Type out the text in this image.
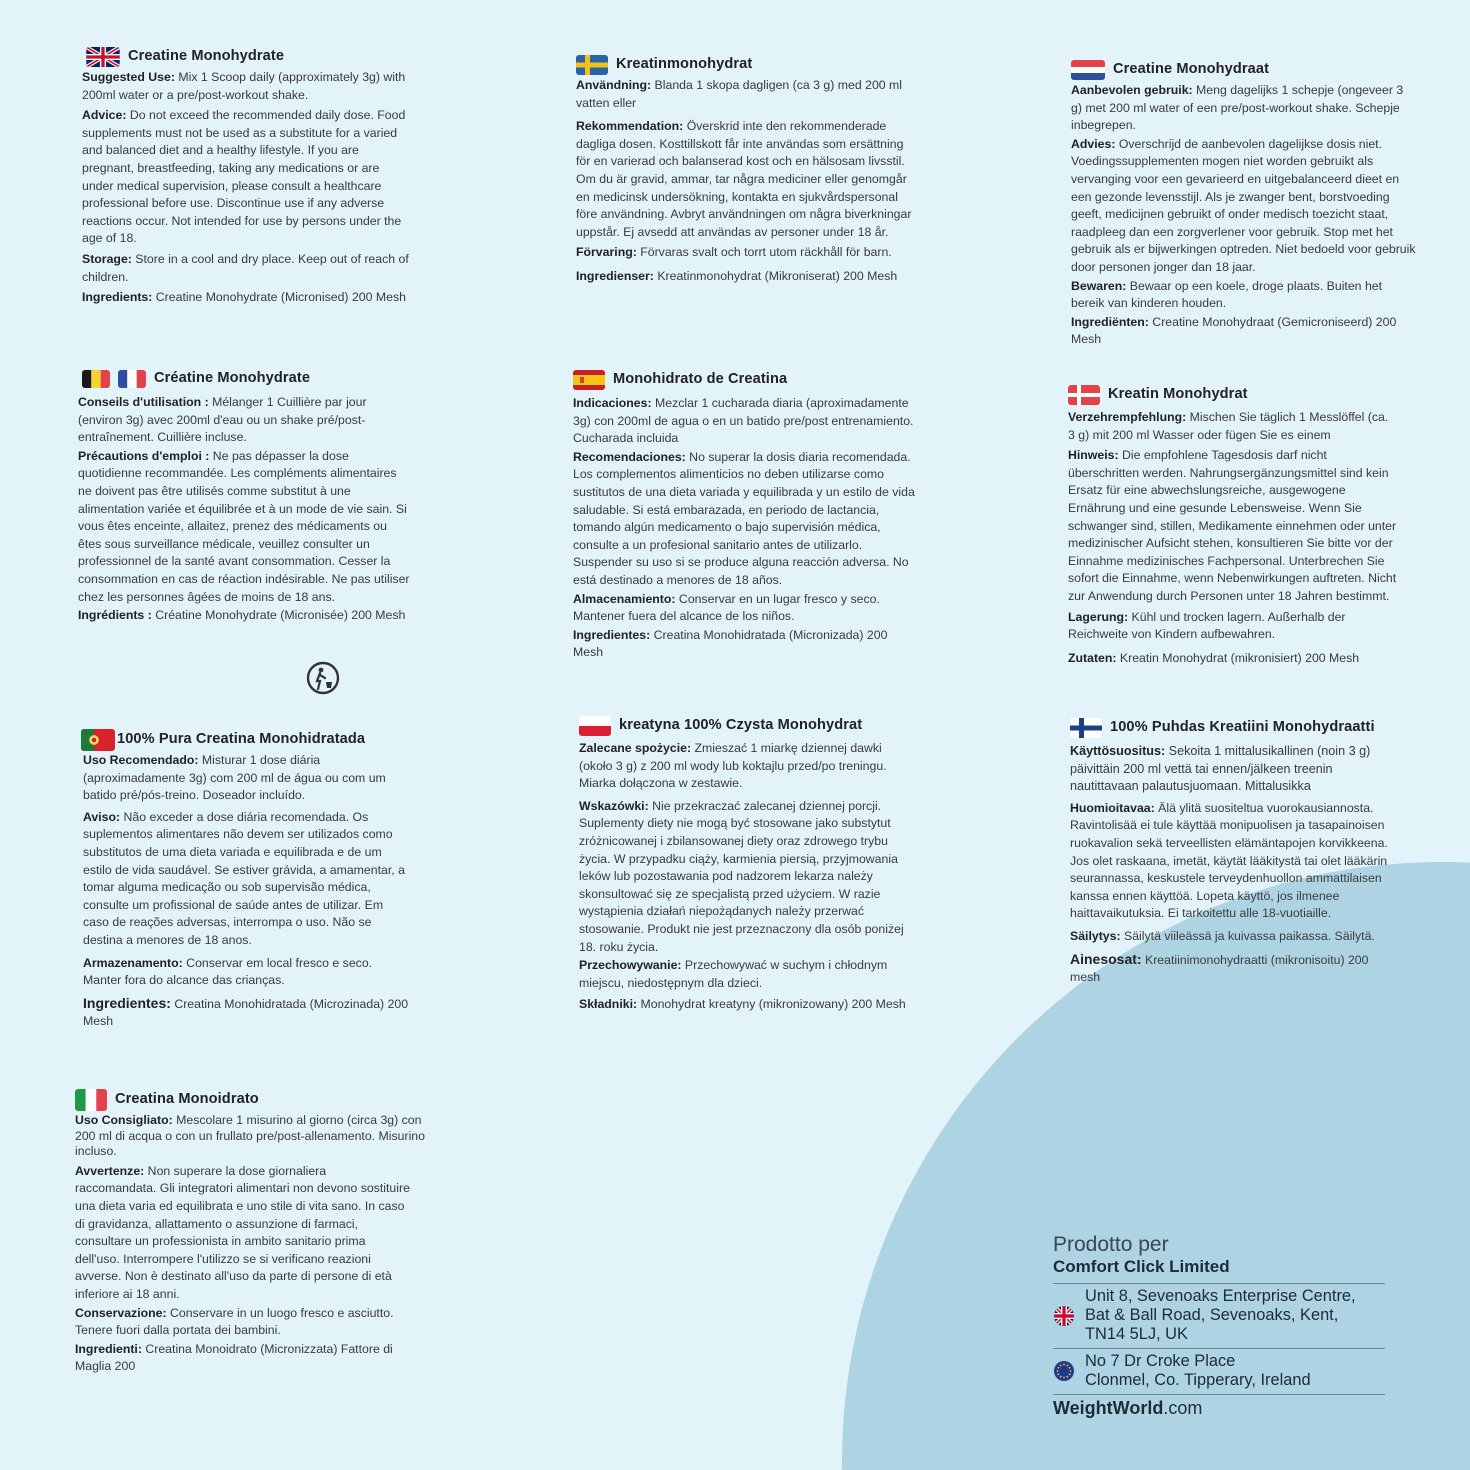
Creatine Monohydrate

Suggested Use: Mix 1 Scoop daily (approximately 3g) with 200ml water or a pre/post-workout shake.

Advice: Do not exceed the recommended daily dose. Food supplements must not be used as a substitute for a varied and balanced diet and a healthy lifestyle. If you are pregnant, breastfeeding, taking any medications or are under medical supervision, please consult a healthcare professional before use. Discontinue use if any adverse reactions occur. Not intended for use by persons under the age of 18.

Storage: Store in a cool and dry place. Keep out of reach of children.

Ingredients: Creatine Monohydrate (Micronised) 200 Mesh

Kreatinmonohydrat

Användning: Blanda 1 skopa dagligen (ca 3 g) med 200 ml vatten eller

Rekommendation: Överskrid inte den rekommenderade dagliga dosen. Kosttillskott får inte användas som ersättning för en varierad och balanserad kost och en hälsosam livsstil. Om du är gravid, ammar, tar några mediciner eller genomgår en medicinsk undersökning, kontakta en sjukvårdspersonal före användning. Avbryt användningen om några biverkningar uppstår. Ej avsedd att användas av personer under 18 år.

Förvaring: Förvaras svalt och torrt utom räckhåll för barn.

Ingredienser: Kreatinmonohydrat (Mikroniserat) 200 Mesh

Creatine Monohydraat

Aanbevolen gebruik: Meng dagelijks 1 schepje (ongeveer 3 g) met 200 ml water of een pre/post-workout shake. Schepje inbegrepen.

Advies: Overschrijd de aanbevolen dagelijkse dosis niet. Voedingssupplementen mogen niet worden gebruikt als vervanging voor een gevarieerd en uitgebalanceerd dieet en een gezonde levensstijl. Als je zwanger bent, borstvoeding geeft, medicijnen gebruikt of onder medisch toezicht staat, raadpleeg dan een zorgverlener voor gebruik. Stop met het gebruik als er bijwerkingen optreden. Niet bedoeld voor gebruik door personen jonger dan 18 jaar.

Bewaren: Bewaar op een koele, droge plaats. Buiten het bereik van kinderen houden.

Ingrediënten: Creatine Monohydraat (Gemicroniseerd) 200 Mesh

Créatine Monohydrate

Conseils d'utilisation : Mélanger 1 Cuillière par jour (environ 3g) avec 200ml d'eau ou un shake pré/post-entraînement. Cuillière incluse.

Précautions d'emploi : Ne pas dépasser la dose quotidienne recommandée. Les compléments alimentaires ne doivent pas être utilisés comme substitut à une alimentation variée et équilibrée et à un mode de vie sain. Si vous êtes enceinte, allaitez, prenez des médicaments ou êtes sous surveillance médicale, veuillez consulter un professionnel de la santé avant consommation. Cesser la consommation en cas de réaction indésirable. Ne pas utiliser chez les personnes âgées de moins de 18 ans.

Ingrédients : Créatine Monohydrate (Micronisée) 200 Mesh

Monohidrato de Creatina

Indicaciones: Mezclar 1 cucharada diaria (aproximadamente 3g) con 200ml de agua o en un batido pre/post entrenamiento. Cucharada incluida

Recomendaciones: No superar la dosis diaria recomendada. Los complementos alimenticios no deben utilizarse como sustitutos de una dieta variada y equilibrada y un estilo de vida saludable. Si está embarazada, en periodo de lactancia, tomando algún medicamento o bajo supervisión médica, consulte a un profesional sanitario antes de utilizarlo. Suspender su uso si se produce alguna reacción adversa. No está destinado a menores de 18 años.

Almacenamiento: Conservar en un lugar fresco y seco. Mantener fuera del alcance de los niños.

Ingredientes: Creatina Monohidratada (Micronizada) 200 Mesh

Kreatin Monohydrat

Verzehrempfehlung: Mischen Sie täglich 1 Messlöffel (ca. 3 g) mit 200 ml Wasser oder fügen Sie es einem

Hinweis: Die empfohlene Tagesdosis darf nicht überschritten werden. Nahrungsergänzungsmittel sind kein Ersatz für eine abwechslungsreiche, ausgewogene Ernährung und eine gesunde Lebensweise. Wenn Sie schwanger sind, stillen, Medikamente einnehmen oder unter medizinischer Aufsicht stehen, konsultieren Sie bitte vor der Einnahme medizinisches Fachpersonal. Unterbrechen Sie sofort die Einnahme, wenn Nebenwirkungen auftreten. Nicht zur Anwendung durch Personen unter 18 Jahren bestimmt.

Lagerung: Kühl und trocken lagern. Außerhalb der Reichweite von Kindern aufbewahren.

Zutaten: Kreatin Monohydrat (mikronisiert) 200 Mesh

100% Pura Creatina Monohidratada

Uso Recomendado: Misturar 1 dose diária (aproximadamente 3g) com 200 ml de água ou com um batido pré/pós-treino. Doseador incluído.

Aviso: Não exceder a dose diária recomendada. Os suplementos alimentares não devem ser utilizados como substitutos de uma dieta variada e equilibrada e de um estilo de vida saudável. Se estiver grávida, a amamentar, a tomar alguma medicação ou sob supervisão médica, consulte um profissional de saúde antes de utilizar. Em caso de reações adversas, interrompa o uso. Não se destina a menores de 18 anos.

Armazenamento: Conservar em local fresco e seco. Manter fora do alcance das crianças.

Ingredientes: Creatina Monohidratada (Microzinada) 200 Mesh

kreatyna 100% Czysta Monohydrat

Zalecane spożycie: Zmieszać 1 miarkę dziennej dawki (około 3 g) z 200 ml wody lub koktajlu przed/po treningu. Miarka dołączona w zestawie.

Wskazówki: Nie przekraczać zalecanej dziennej porcji. Suplementy diety nie mogą być stosowane jako substytut zróżnicowanej i zbilansowanej diety oraz zdrowego trybu życia. W przypadku ciąży, karmienia piersią, przyjmowania leków lub pozostawania pod nadzorem lekarza należy skonsultować się ze specjalistą przed użyciem. W razie wystąpienia działań niepożądanych należy przerwać stosowanie. Produkt nie jest przeznaczony dla osób poniżej 18. roku życia.

Przechowywanie: Przechowywać w suchym i chłodnym miejscu, niedostępnym dla dzieci.

Składniki: Monohydrat kreatyny (mikronizowany) 200 Mesh

100% Puhdas Kreatiini Monohydraatti

Käyttösuositus: Sekoita 1 mittalusikallinen (noin 3 g) päivittäin 200 ml vettä tai ennen/jälkeen treenin nautittavaan palautusjuomaan. Mittalusikka

Huomioitavaa: Älä ylitä suositeltua vuorokausiannosta. Ravintolisää ei tule käyttää monipuolisen ja tasapainoisen ruokavalion sekä terveellisten elämäntapojen korvikkeena. Jos olet raskaana, imetät, käytät lääkitystä tai olet lääkärin seurannassa, keskustele terveydenhuollon ammattilaisen kanssa ennen käyttöä. Lopeta käyttö, jos ilmenee haittavaikutuksia. Ei tarkoitettu alle 18-vuotiaille.

Säilytys: Säilytä viileässä ja kuivassa paikassa. Säilytä.

Ainesosat: Kreatiinimonohydraatti (mikronisoitu) 200 mesh

Creatina Monoidrato

Uso Consigliato: Mescolare 1 misurino al giorno (circa 3g) con 200 ml di acqua o con un frullato pre/post-allenamento. Misurino incluso.

Avvertenze: Non superare la dose giornaliera raccomandata. Gli integratori alimentari non devono sostituire una dieta varia ed equilibrata e uno stile di vita sano. In caso di gravidanza, allattamento o assunzione di farmaci, consultare un professionista in ambito sanitario prima dell'uso. Interrompere l'utilizzo se si verificano reazioni avverse. Non è destinato all'uso da parte di persone di età inferiore ai 18 anni.

Conservazione: Conservare in un luogo fresco e asciutto. Tenere fuori dalla portata dei bambini.

Ingredienti: Creatina Monoidrato (Micronizzata) Fattore di Maglia 200

Prodotto per
Comfort Click Limited
Unit 8, Sevenoaks Enterprise Centre,
Bat & Ball Road, Sevenoaks, Kent,
TN14 5LJ, UK
No 7 Dr Croke Place
Clonmel, Co. Tipperary, Ireland
WeightWorld.com
